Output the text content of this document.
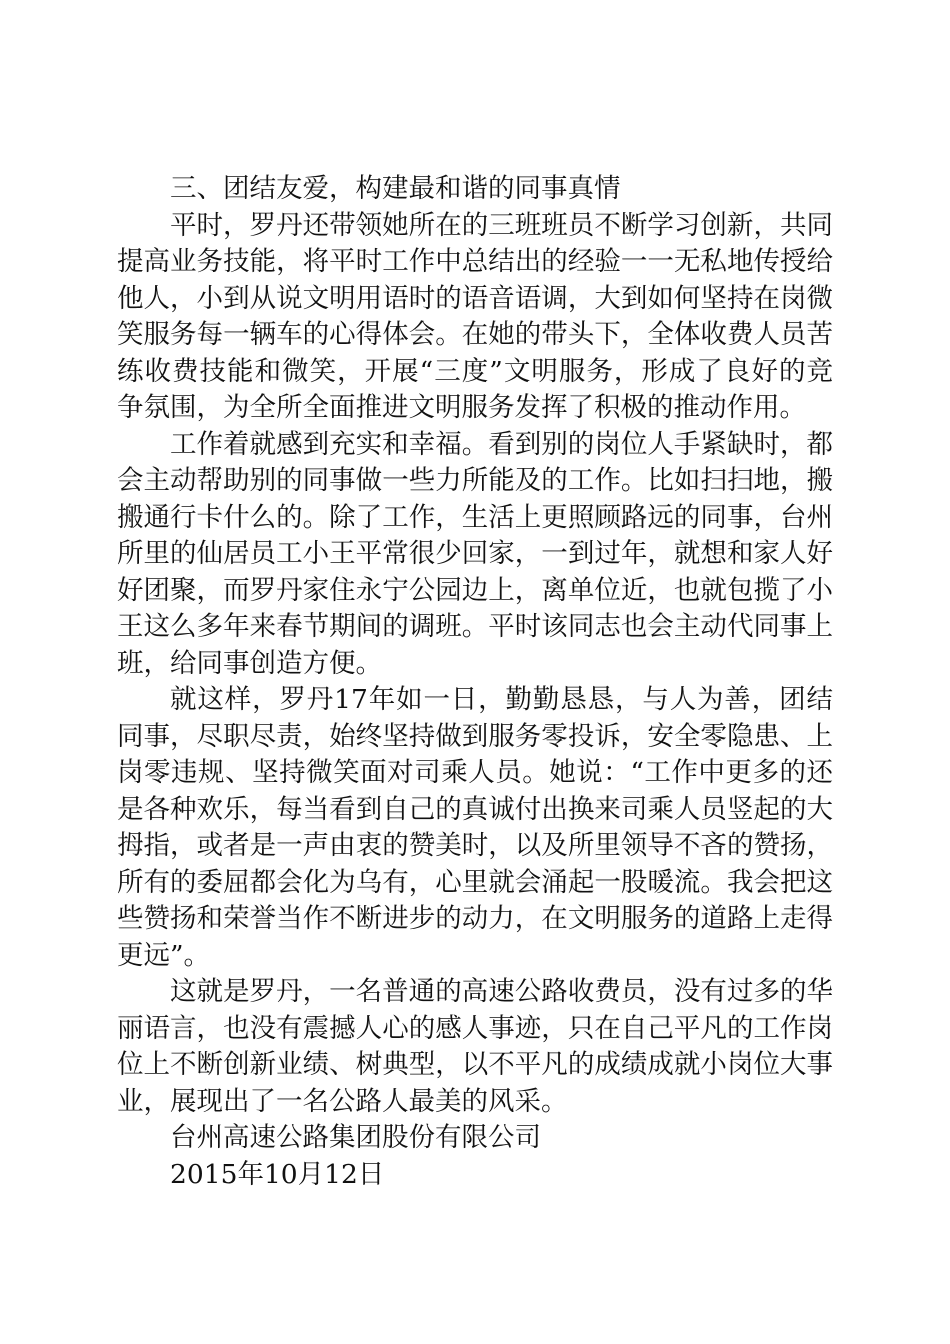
三、团结友爱，构建最和谐的同事真情

平时，罗丹还带领她所在的三班班员不断学习创新，共同提高业务技能，将平时工作中总结出的经验一一无私地传授给他人，小到从说文明用语时的语音语调，大到如何坚持在岗微笑服务每一辆车的心得体会。在她的带头下，全体收费人员苦练收费技能和微笑，开展“三度”文明服务，形成了良好的竞争氛围，为全所全面推进文明服务发挥了积极的推动作用。

工作着就感到充实和幸福。看到别的岗位人手紧缺时，都会主动帮助别的同事做一些力所能及的工作。比如扫扫地，搬搬通行卡什么的。除了工作，生活上更照顾路远的同事，台州所里的仙居员工小王平常很少回家，一到过年，就想和家人好好团聚，而罗丹家住永宁公园边上，离单位近，也就包揽了小王这么多年来春节期间的调班。平时该同志也会主动代同事上班，给同事创造方便。

就这样，罗丹17年如一日，勤勤恳恳，与人为善，团结同事，尽职尽责，始终坚持做到服务零投诉，安全零隐患、上岗零违规、坚持微笑面对司乘人员。她说：“工作中更多的还是各种欢乐，每当看到自己的真诚付出换来司乘人员竖起的大拇指，或者是一声由衷的赞美时，以及所里领导不吝的赞扬，所有的委屈都会化为乌有，心里就会涌起一股暖流。我会把这些赞扬和荣誉当作不断进步的动力，在文明服务的道路上走得更远”。

这就是罗丹，一名普通的高速公路收费员，没有过多的华丽语言，也没有震撼人心的感人事迹，只在自己平凡的工作岗位上不断创新业绩、树典型，以不平凡的成绩成就小岗位大事业，展现出了一名公路人最美的风采。

台州高速公路集团股份有限公司

2015年10月12日
